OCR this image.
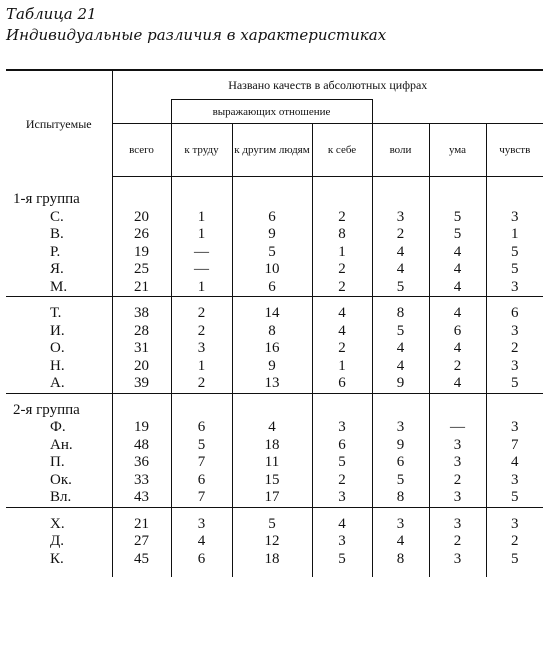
Таблица 21
Индивидуальные различия в характеристиках
Испытуемые	Названо качеств в абсолютных цифрах						
		выражающих отношение					
	всего	к труду	к другим людям	к себе	воли	ума	чувств

1-я группа							
С.	20	1	6	2	3	5	3
В.	26	1	9	8	2	5	1
Р.	19	—	5	1	4	4	5
Я.	25	—	10	2	4	4	5
М.	21	1	6	2	5	4	3

Т.	38	2	14	4	8	4	6
И.	28	2	8	4	5	6	3
О.	31	3	16	2	4	4	2
Н.	20	1	9	1	4	2	3
А.	39	2	13	6	9	4	5

2-я группа							
Ф.	19	6	4	3	3	—	3
Ан.	48	5	18	6	9	3	7
П.	36	7	11	5	6	3	4
Ок.	33	6	15	2	5	2	3
Вл.	43	7	17	3	8	3	5

Х.	21	3	5	4	3	3	3
Д.	27	4	12	3	4	2	2
К.	45	6	18	5	8	3	5
